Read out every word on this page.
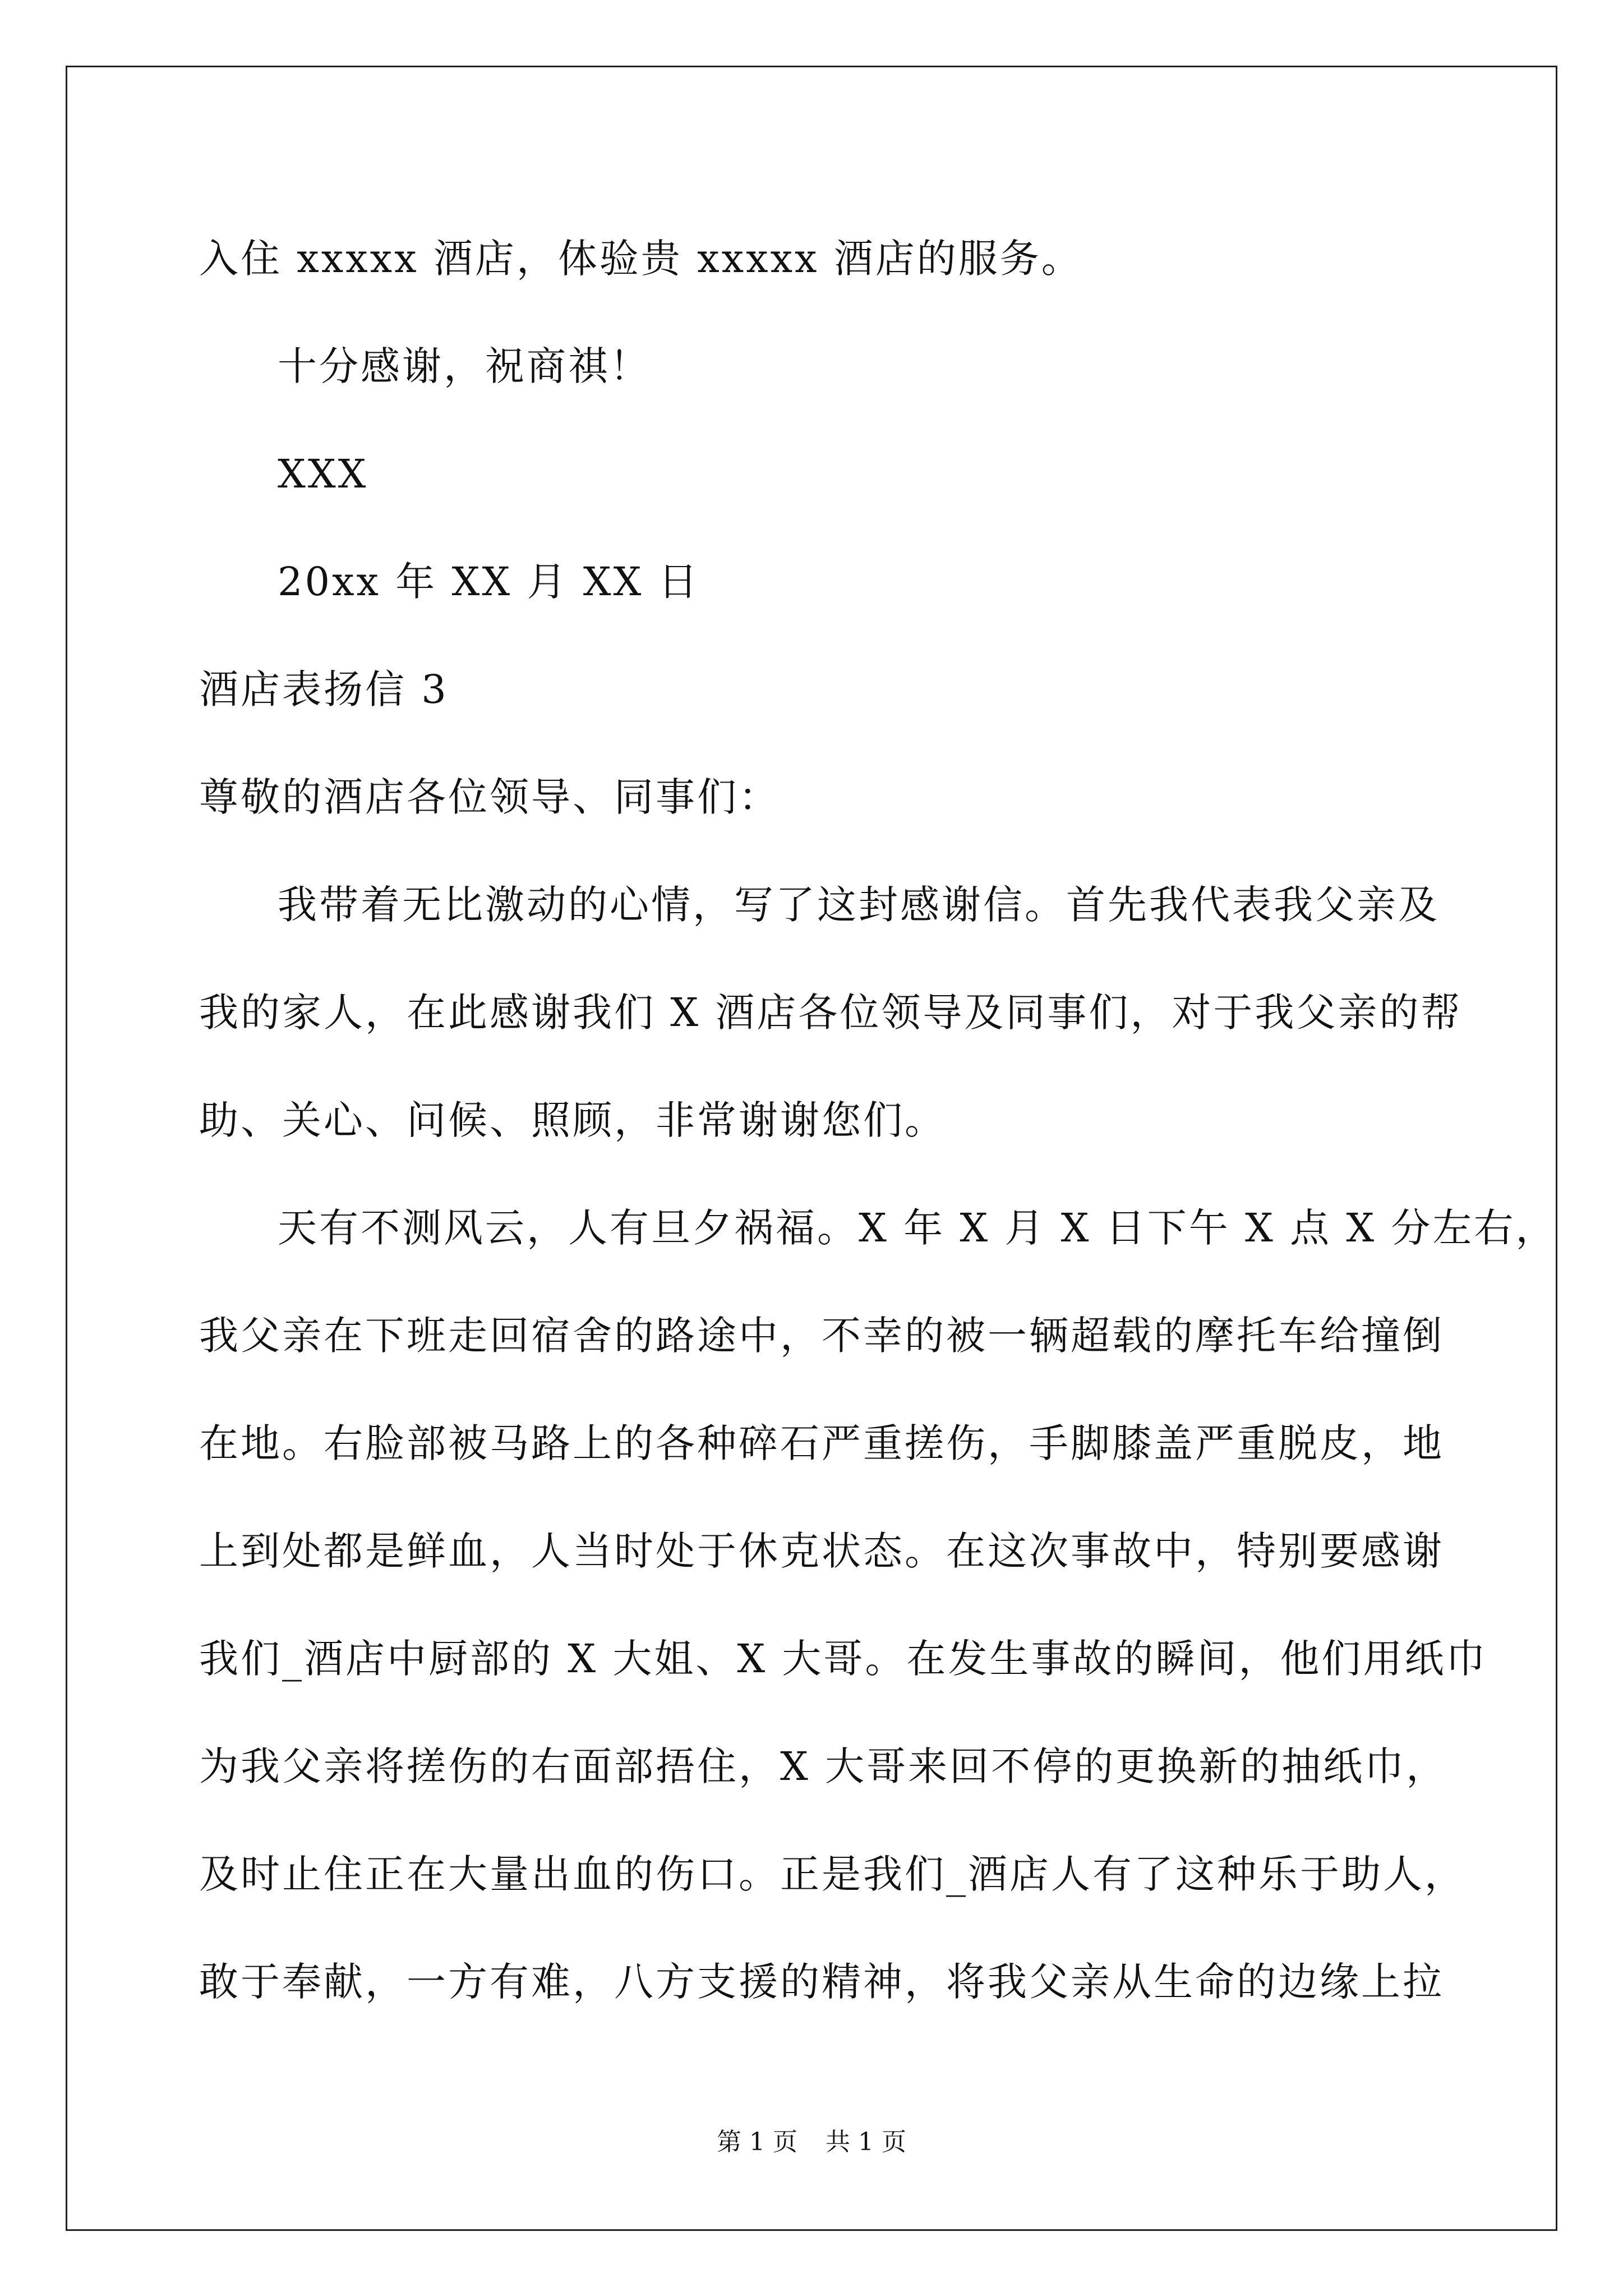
入住 xxxxx 酒店，体验贵 xxxxx 酒店的服务。
十分感谢，祝商祺！
XXX
20xx 年 XX 月 XX 日
酒店表扬信 3
尊敬的酒店各位领导、同事们：
我带着无比激动的心情，写了这封感谢信。首先我代表我父亲及
我的家人，在此感谢我们 X 酒店各位领导及同事们，对于我父亲的帮
助、关心、问候、照顾，非常谢谢您们。
天有不测风云，人有旦夕祸福。X 年 X 月 X 日下午 X 点 X 分左右，
我父亲在下班走回宿舍的路途中，不幸的被一辆超载的摩托车给撞倒
在地。右脸部被马路上的各种碎石严重搓伤，手脚膝盖严重脱皮，地
上到处都是鲜血，人当时处于休克状态。在这次事故中，特别要感谢
我们_酒店中厨部的 X 大姐、X 大哥。在发生事故的瞬间，他们用纸巾
为我父亲将搓伤的右面部捂住，X 大哥来回不停的更换新的抽纸巾，
及时止住正在大量出血的伤口。正是我们_酒店人有了这种乐于助人，
敢于奉献，一方有难，八方支援的精神，将我父亲从生命的边缘上拉
第 1 页 共 1 页
